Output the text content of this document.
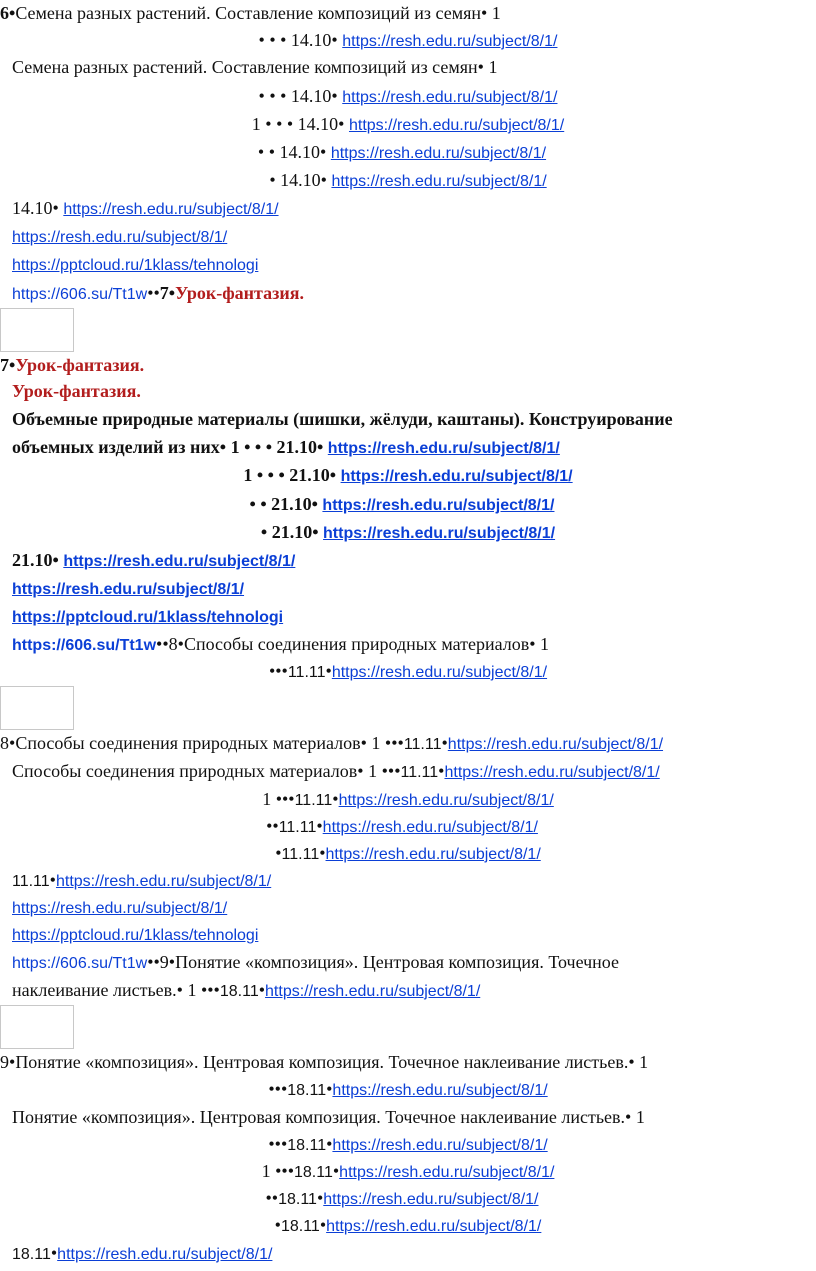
6•Семена разных растений. Составление композиций из семян• 1
• • • 14.10• https://resh.edu.ru/subject/8/1/
Семена разных растений. Составление композиций из семян• 1
• • • 14.10• https://resh.edu.ru/subject/8/1/
1 • • • 14.10• https://resh.edu.ru/subject/8/1/
• • 14.10• https://resh.edu.ru/subject/8/1/
• 14.10• https://resh.edu.ru/subject/8/1/
14.10• https://resh.edu.ru/subject/8/1/
https://resh.edu.ru/subject/8/1/
https://pptcloud.ru/1klass/tehnologi
https://606.su/Tt1w••7•Урок-фантазия.
7•Урок-фантазия.
Урок-фантазия.
Объемные природные материалы (шишки, жёлуди, каштаны). Конструирование
объемных изделий из них• 1 • • • 21.10• https://resh.edu.ru/subject/8/1/
1 • • • 21.10• https://resh.edu.ru/subject/8/1/
• • 21.10• https://resh.edu.ru/subject/8/1/
• 21.10• https://resh.edu.ru/subject/8/1/
21.10• https://resh.edu.ru/subject/8/1/
https://resh.edu.ru/subject/8/1/
https://pptcloud.ru/1klass/tehnologi
https://606.su/Tt1w••8•Способы соединения природных материалов• 1
•••11.11•https://resh.edu.ru/subject/8/1/
8•Способы соединения природных материалов• 1 •••11.11•https://resh.edu.ru/subject/8/1/
Способы соединения природных материалов• 1 •••11.11•https://resh.edu.ru/subject/8/1/
1 •••11.11•https://resh.edu.ru/subject/8/1/
••11.11•https://resh.edu.ru/subject/8/1/
•11.11•https://resh.edu.ru/subject/8/1/
11.11•https://resh.edu.ru/subject/8/1/
https://resh.edu.ru/subject/8/1/
https://pptcloud.ru/1klass/tehnologi
https://606.su/Tt1w••9•Понятие «композиция». Центровая композиция. Точечное
наклеивание листьев.• 1 •••18.11•https://resh.edu.ru/subject/8/1/
9•Понятие «композиция». Центровая композиция. Точечное наклеивание листьев.• 1
•••18.11•https://resh.edu.ru/subject/8/1/
Понятие «композиция». Центровая композиция. Точечное наклеивание листьев.• 1
•••18.11•https://resh.edu.ru/subject/8/1/
1 •••18.11•https://resh.edu.ru/subject/8/1/
••18.11•https://resh.edu.ru/subject/8/1/
•18.11•https://resh.edu.ru/subject/8/1/
18.11•https://resh.edu.ru/subject/8/1/
